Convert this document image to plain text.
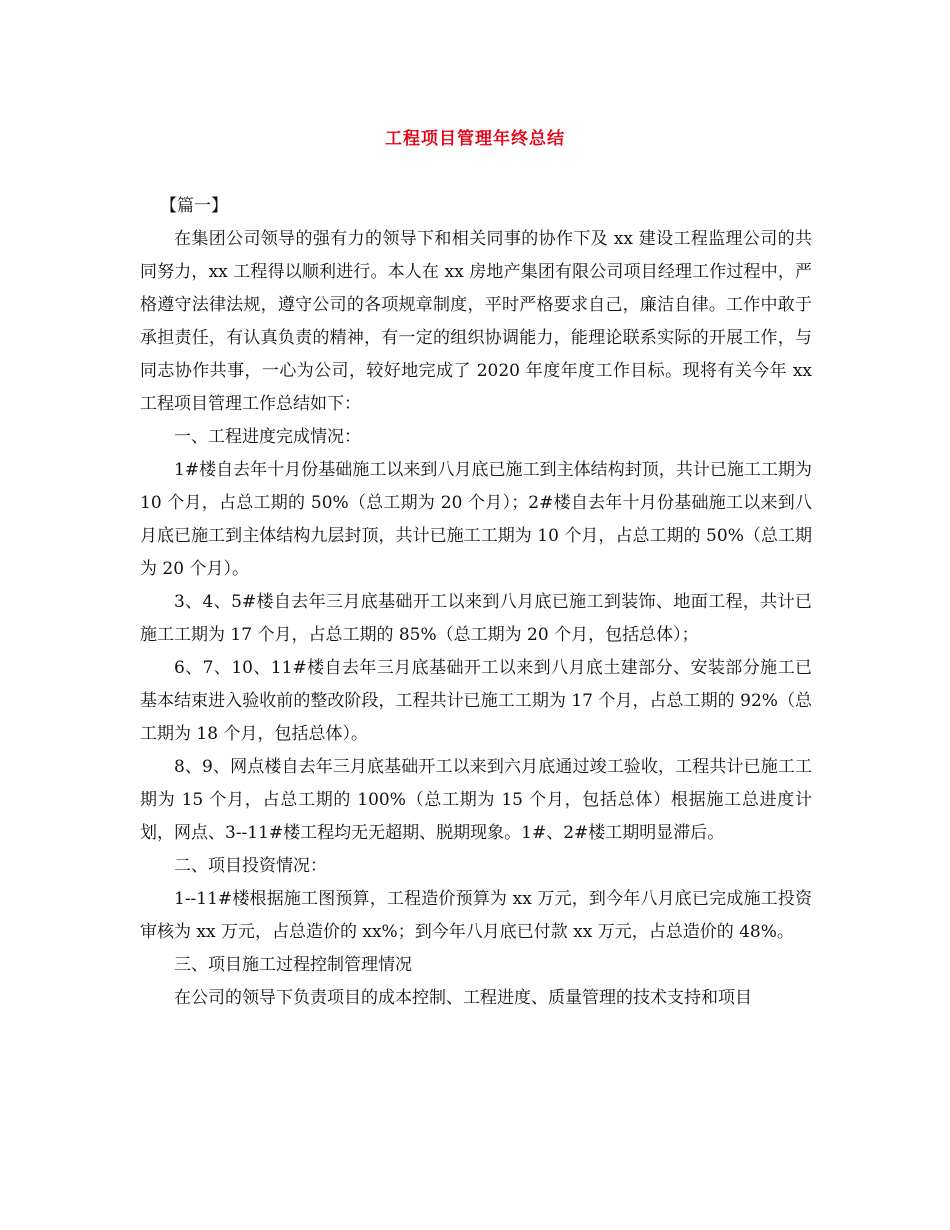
工程项目管理年终总结

【篇一】

在集团公司领导的强有力的领导下和相关同事的协作下及 xx 建设工程监理公司的共同努力，xx 工程得以顺利进行。本人在 xx 房地产集团有限公司项目经理工作过程中，严格遵守法律法规，遵守公司的各项规章制度，平时严格要求自己，廉洁自律。工作中敢于承担责任，有认真负责的精神，有一定的组织协调能力，能理论联系实际的开展工作，与同志协作共事，一心为公司，较好地完成了 2020 年度年度工作目标。现将有关今年 xx 工程项目管理工作总结如下：

一、工程进度完成情况：

1#楼自去年十月份基础施工以来到八月底已施工到主体结构封顶，共计已施工工期为 10 个月，占总工期的 50%（总工期为 20 个月）；2#楼自去年十月份基础施工以来到八月底已施工到主体结构九层封顶，共计已施工工期为 10 个月，占总工期的 50%（总工期为 20 个月）。

3、4、5#楼自去年三月底基础开工以来到八月底已施工到装饰、地面工程，共计已施工工期为 17 个月，占总工期的 85%（总工期为 20 个月，包括总体）；

6、7、10、11#楼自去年三月底基础开工以来到八月底土建部分、安装部分施工已基本结束进入验收前的整改阶段，工程共计已施工工期为 17 个月，占总工期的 92%（总工期为 18 个月，包括总体）。

8、9、网点楼自去年三月底基础开工以来到六月底通过竣工验收，工程共计已施工工期为 15 个月，占总工期的 100%（总工期为 15 个月，包括总体）根据施工总进度计划，网点、3--11#楼工程均无无超期、脱期现象。1#、2#楼工期明显滞后。

二、项目投资情况：

1--11#楼根据施工图预算，工程造价预算为 xx 万元，到今年八月底已完成施工投资审核为 xx 万元，占总造价的 xx%；到今年八月底已付款 xx 万元，占总造价的 48%。

三、项目施工过程控制管理情况

在公司的领导下负责项目的成本控制、工程进度、质量管理的技术支持和项目
